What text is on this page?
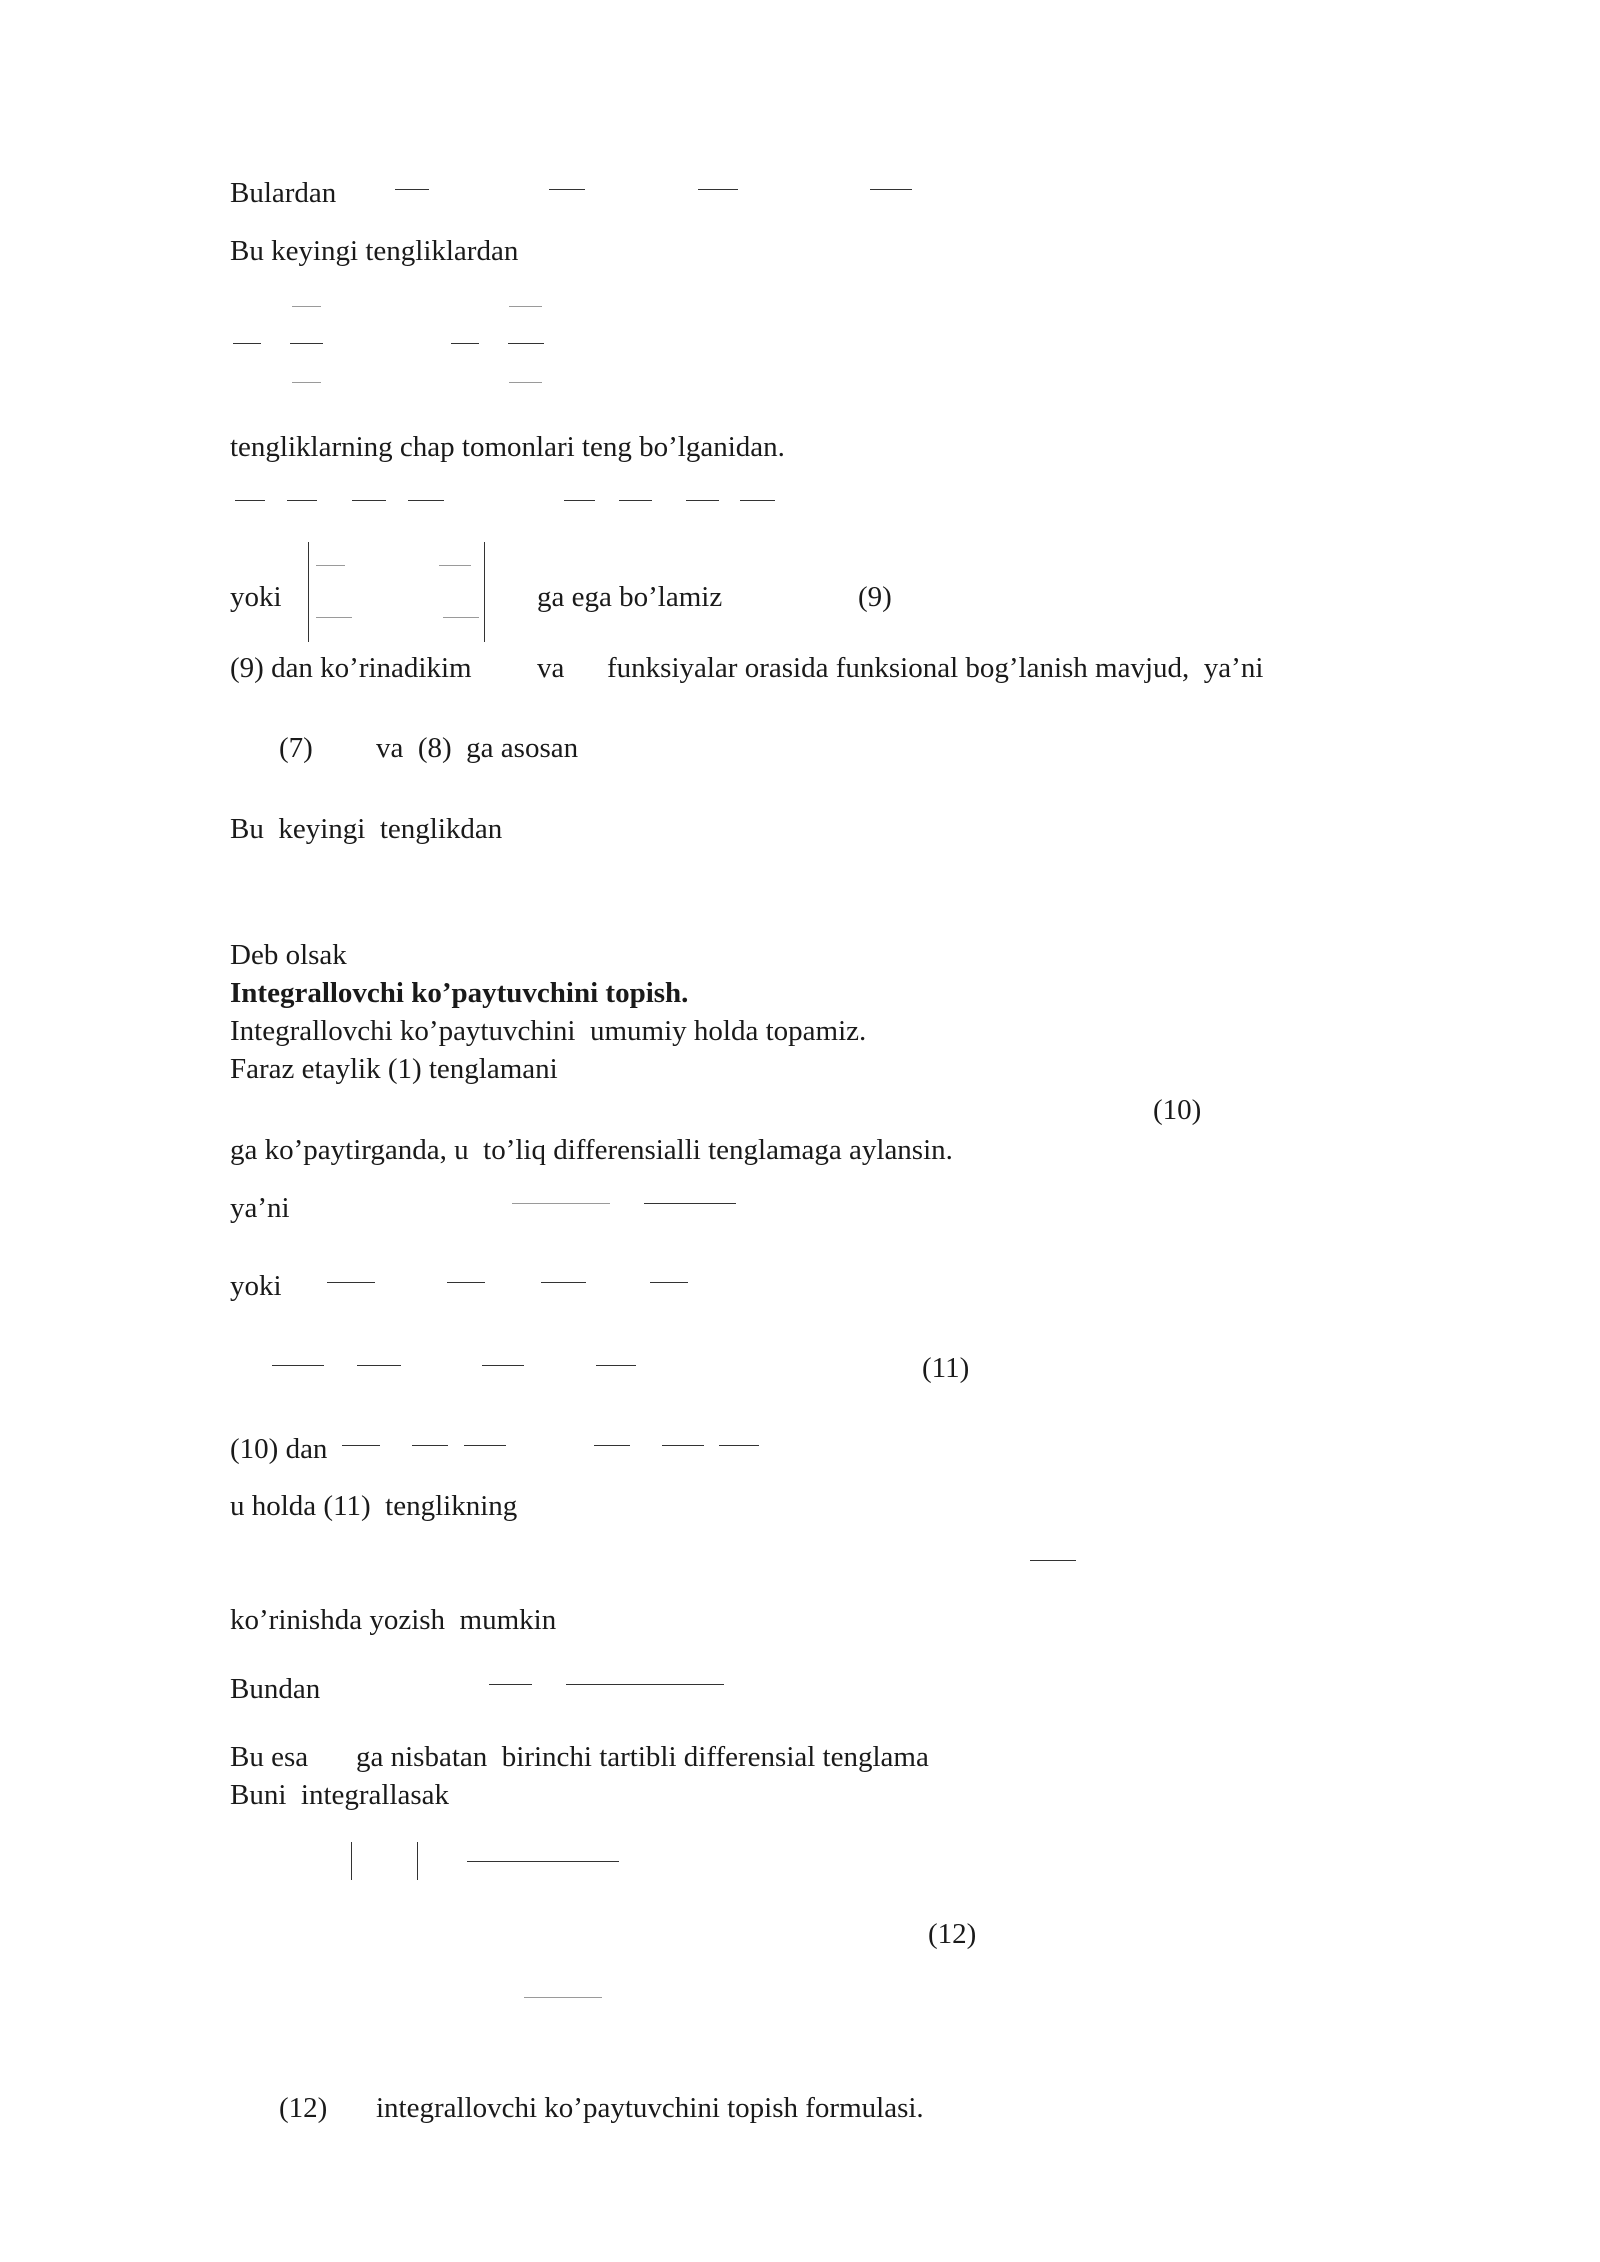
Bulardan
Bu keyingi tengliklardan
tengliklarning chap tomonlari teng bo’lganidan.
yoki	ga ega bo’lamiz	(9)
(9) dan ko’rinadikim va funksiyalar orasida funksional bog’lanish mavjud,  ya’ni
(7) va  (8)  ga asosan
Bu  keyingi  tenglikdan
Deb olsak
Integrallovchi ko’paytuvchini topish.
Integrallovchi ko’paytuvchini  umumiy holda topamiz.
Faraz etaylik (1) tenglamani
(10)
ga ko’paytirganda, u  to’liq differensialli tenglamaga aylansin.
ya’ni
yoki
(11)
(10) dan
u holda (11)  tenglikning
ko’rinishda yozish  mumkin
Bundan
Bu esa ga nisbatan  birinchi tartibli differensial tenglama
Buni  integrallasak
(12)
(12) integrallovchi ko’paytuvchini topish formulasi.
